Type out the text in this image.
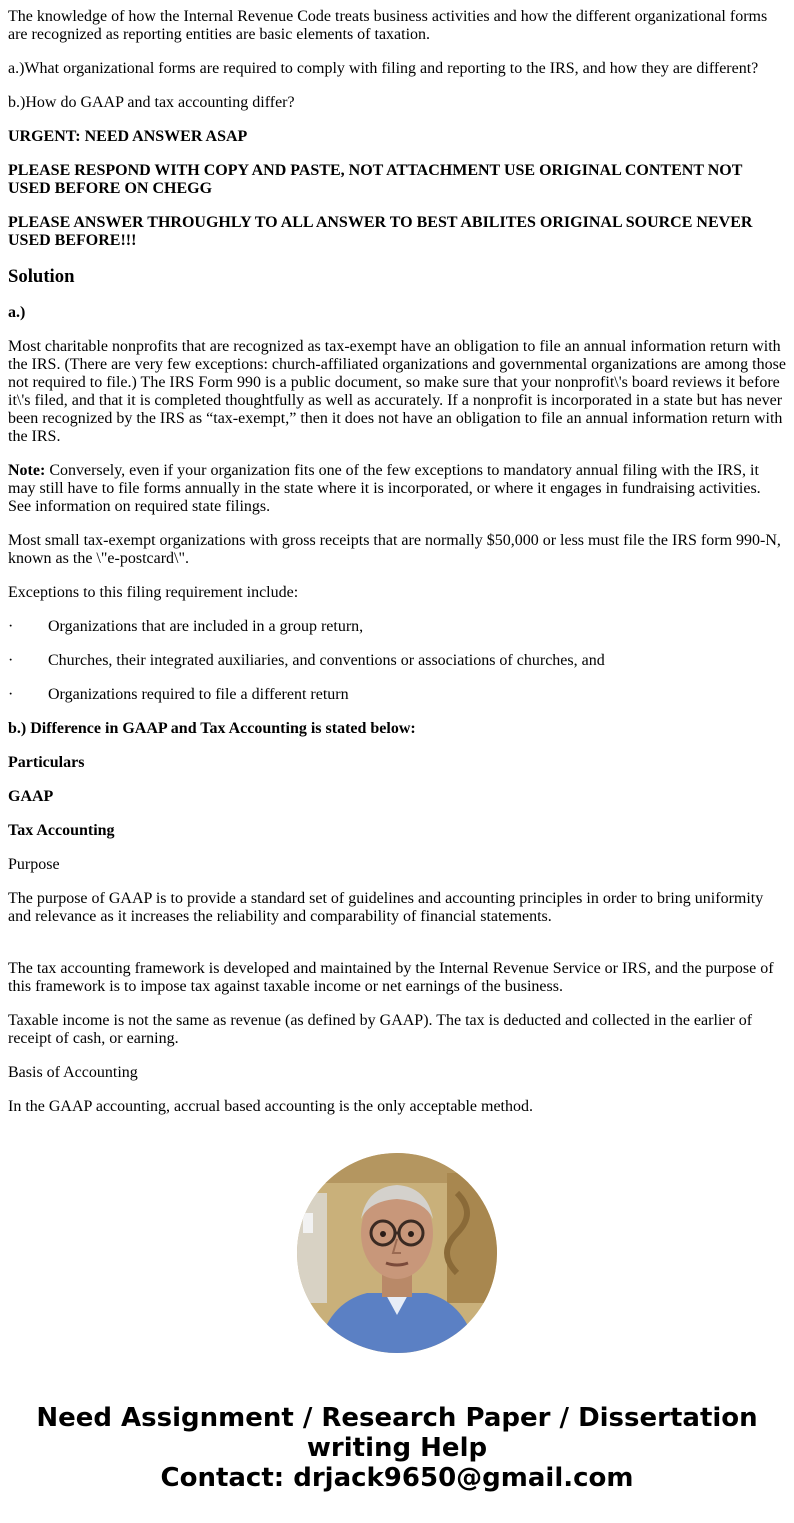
The knowledge of how the Internal Revenue Code treats business activities and how the different organizational forms are recognized as reporting entities are basic elements of taxation.

a.)What organizational forms are required to comply with filing and reporting to the IRS, and how they are different?

b.)How do GAAP and tax accounting differ?

URGENT: NEED ANSWER ASAP

PLEASE RESPOND WITH COPY AND PASTE, NOT ATTACHMENT USE ORIGINAL CONTENT NOT USED BEFORE ON CHEGG

PLEASE ANSWER THROUGHLY TO ALL ANSWER TO BEST ABILITES ORIGINAL SOURCE NEVER USED BEFORE!!!

Solution

a.)

Most charitable nonprofits that are recognized as tax-exempt have an obligation to file an annual information return with the IRS. (There are very few exceptions: church-affiliated organizations and governmental organizations are among those not required to file.) The IRS Form 990 is a public document, so make sure that your nonprofit\'s board reviews it before it\'s filed, and that it is completed thoughtfully as well as accurately. If a nonprofit is incorporated in a state but has never been recognized by the IRS as “tax-exempt,” then it does not have an obligation to file an annual information return with the IRS.

Note: Conversely, even if your organization fits one of the few exceptions to mandatory annual filing with the IRS, it may still have to file forms annually in the state where it is incorporated, or where it engages in fundraising activities. See information on required state filings.

Most small tax-exempt organizations with gross receipts that are normally $50,000 or less must file the IRS form 990-N, known as the \"e-postcard\".

Exceptions to this filing requirement include:

· Organizations that are included in a group return,

· Churches, their integrated auxiliaries, and conventions or associations of churches, and

· Organizations required to file a different return

b.) Difference in GAAP and Tax Accounting is stated below:

Particulars

GAAP

Tax Accounting

Purpose

The purpose of GAAP is to provide a standard set of guidelines and accounting principles in order to bring uniformity and relevance as it increases the reliability and comparability of financial statements.

The tax accounting framework is developed and maintained by the Internal Revenue Service or IRS, and the purpose of this framework is to impose tax against taxable income or net earnings of the business.

Taxable income is not the same as revenue (as defined by GAAP). The tax is deducted and collected in the earlier of receipt of cash, or earning.

Basis of Accounting

In the GAAP accounting, accrual based accounting is the only acceptable method.

Need Assignment / Research Paper / Dissertation writing Help
Contact: drjack9650@gmail.com
